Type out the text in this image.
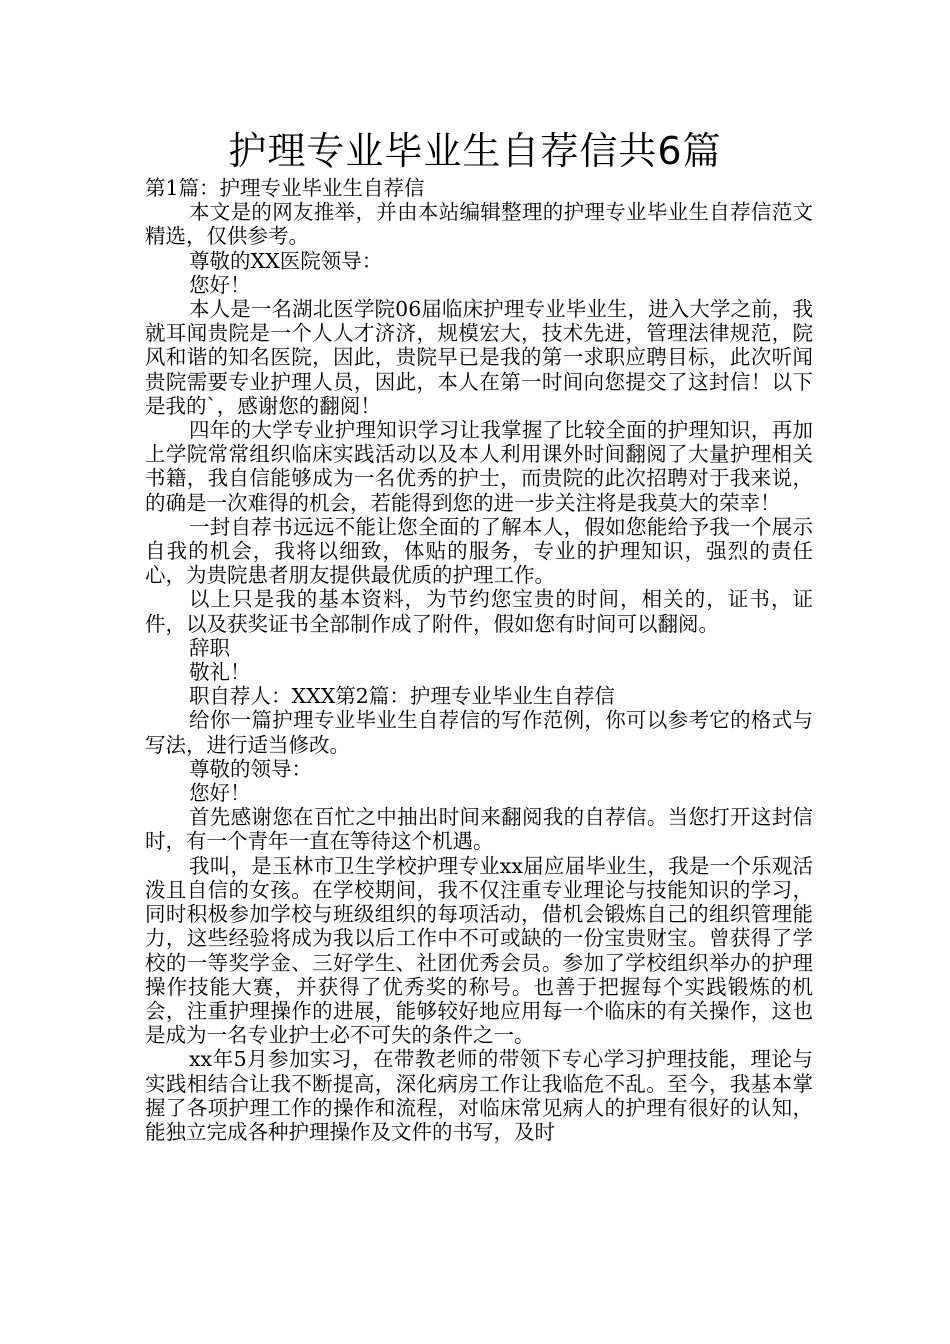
护理专业毕业生自荐信共6篇

第1篇：护理专业毕业生自荐信

本文是的网友推举，并由本站编辑整理的护理专业毕业生自荐信范文精选，仅供参考。

尊敬的XX医院领导：

您好！

本人是一名湖北医学院06届临床护理专业毕业生，进入大学之前，我就耳闻贵院是一个人人才济济，规模宏大，技术先进，管理法律规范，院风和谐的知名医院，因此，贵院早已是我的第一求职应聘目标，此次听闻贵院需要专业护理人员，因此，本人在第一时间向您提交了这封信！以下是我的`，感谢您的翻阅！

四年的大学专业护理知识学习让我掌握了比较全面的护理知识，再加上学院常常组织临床实践活动以及本人利用课外时间翻阅了大量护理相关书籍，我自信能够成为一名优秀的护士，而贵院的此次招聘对于我来说，的确是一次难得的机会，若能得到您的进一步关注将是我莫大的荣幸！

一封自荐书远远不能让您全面的了解本人，假如您能给予我一个展示自我的机会，我将以细致，体贴的服务，专业的护理知识，强烈的责任心，为贵院患者朋友提供最优质的护理工作。

以上只是我的基本资料，为节约您宝贵的时间，相关的，证书，证件，以及获奖证书全部制作成了附件，假如您有时间可以翻阅。

辞职

敬礼！

职自荐人：XXX第2篇：护理专业毕业生自荐信

给你一篇护理专业毕业生自荐信的写作范例，你可以参考它的格式与写法，进行适当修改。

尊敬的领导：

您好！

首先感谢您在百忙之中抽出时间来翻阅我的自荐信。当您打开这封信时，有一个青年一直在等待这个机遇。

我叫，是玉林市卫生学校护理专业xx届应届毕业生，我是一个乐观活泼且自信的女孩。在学校期间，我不仅注重专业理论与技能知识的学习，同时积极参加学校与班级组织的每项活动，借机会锻炼自己的组织管理能力，这些经验将成为我以后工作中不可或缺的一份宝贵财宝。曾获得了学校的一等奖学金、三好学生、社团优秀会员。参加了学校组织举办的护理操作技能大赛，并获得了优秀奖的称号。也善于把握每个实践锻炼的机会，注重护理操作的进展，能够较好地应用每一个临床的有关操作，这也是成为一名专业护士必不可失的条件之一。

xx年5月参加实习，在带教老师的带领下专心学习护理技能，理论与实践相结合让我不断提高，深化病房工作让我临危不乱。至今，我基本掌握了各项护理工作的操作和流程，对临床常见病人的护理有很好的认知，能独立完成各种护理操作及文件的书写，及时
